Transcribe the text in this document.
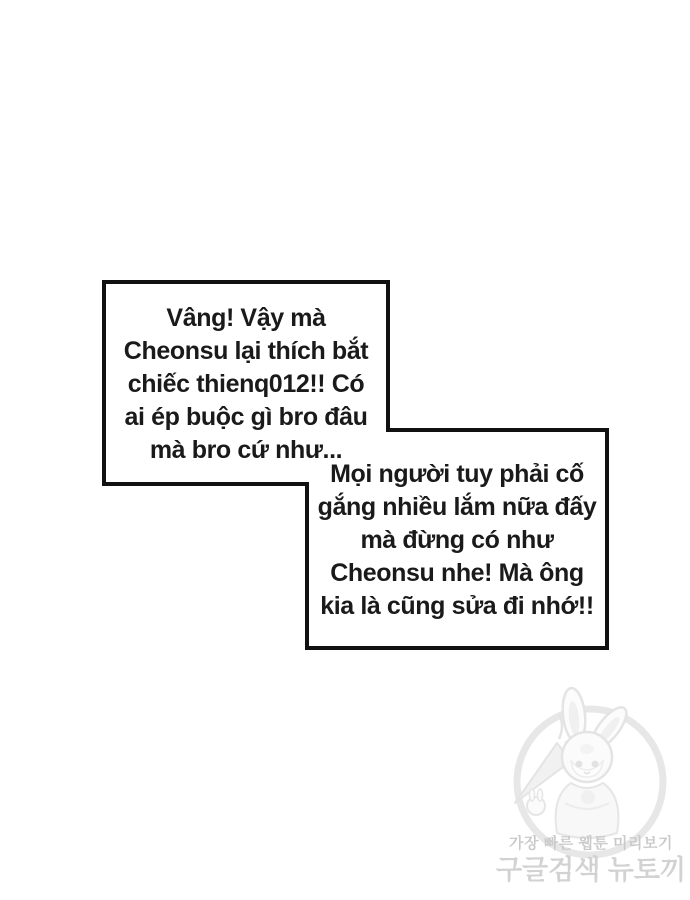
Vâng! Vậy mà
Cheonsu lại thích bắt
chiếc thienq012!! Có
ai ép buộc gì bro đâu
mà bro cứ như...
Mọi người tuy phải cố
gắng nhiều lắm nữa đấy
mà đừng có như
Cheonsu nhe! Mà ông
kia là cũng sửa đi nhớ!!
가장 빠른 웹툰 미리보기
구글검색 뉴토끼
